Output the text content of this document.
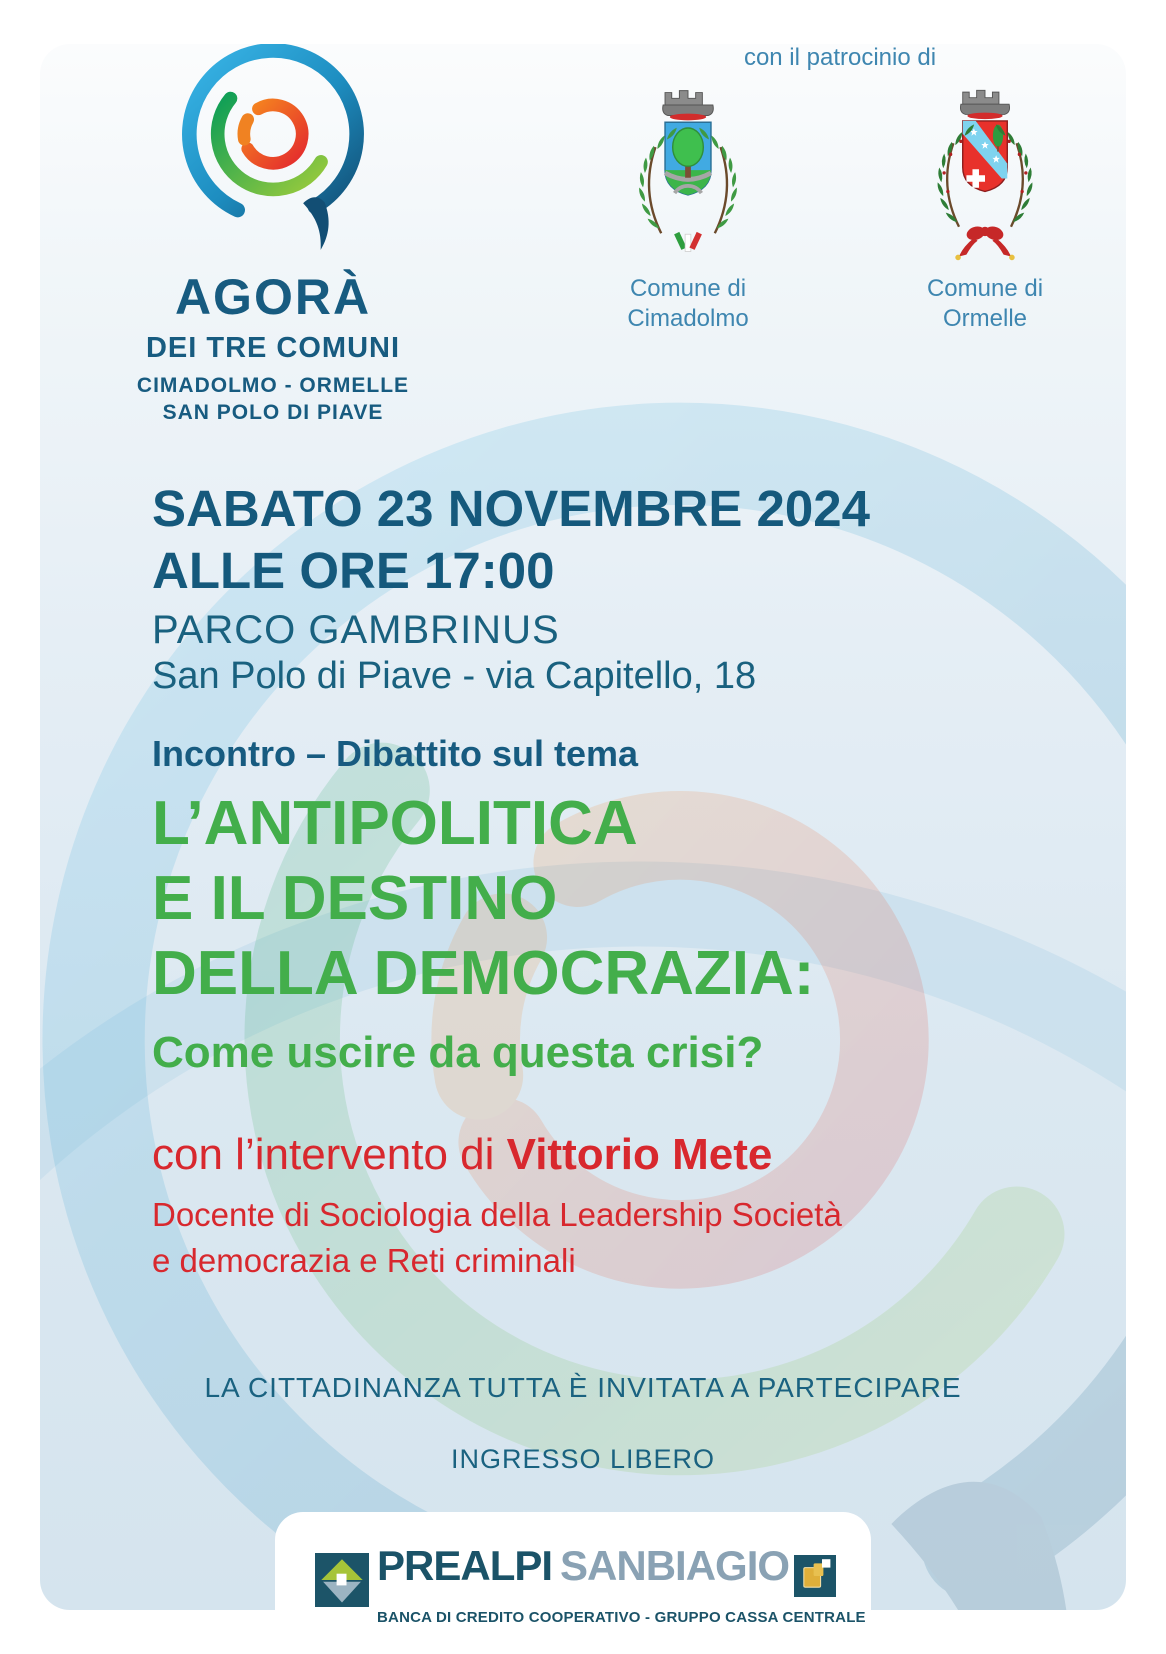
AGORÀ
DEI TRE COMUNI
CIMADOLMO - ORMELLE
SAN POLO DI PIAVE
con il patrocinio di
Comune di
Cimadolmo
Comune di
Ormelle
SABATO 23 NOVEMBRE 2024
ALLE ORE 17:00
PARCO GAMBRINUS
San Polo di Piave - via Capitello, 18
Incontro – Dibattito sul tema
L’ANTIPOLITICA
E IL DESTINO
DELLA DEMOCRAZIA:
Come uscire da questa crisi?
con l’intervento di Vittorio Mete
Docente di Sociologia della Leadership Società
e democrazia e Reti criminali
LA CITTADINANZA TUTTA È INVITATA A PARTECIPARE
INGRESSO LIBERO
PREALPI SANBIAGIO
BANCA DI CREDITO COOPERATIVO - GRUPPO CASSA CENTRALE
